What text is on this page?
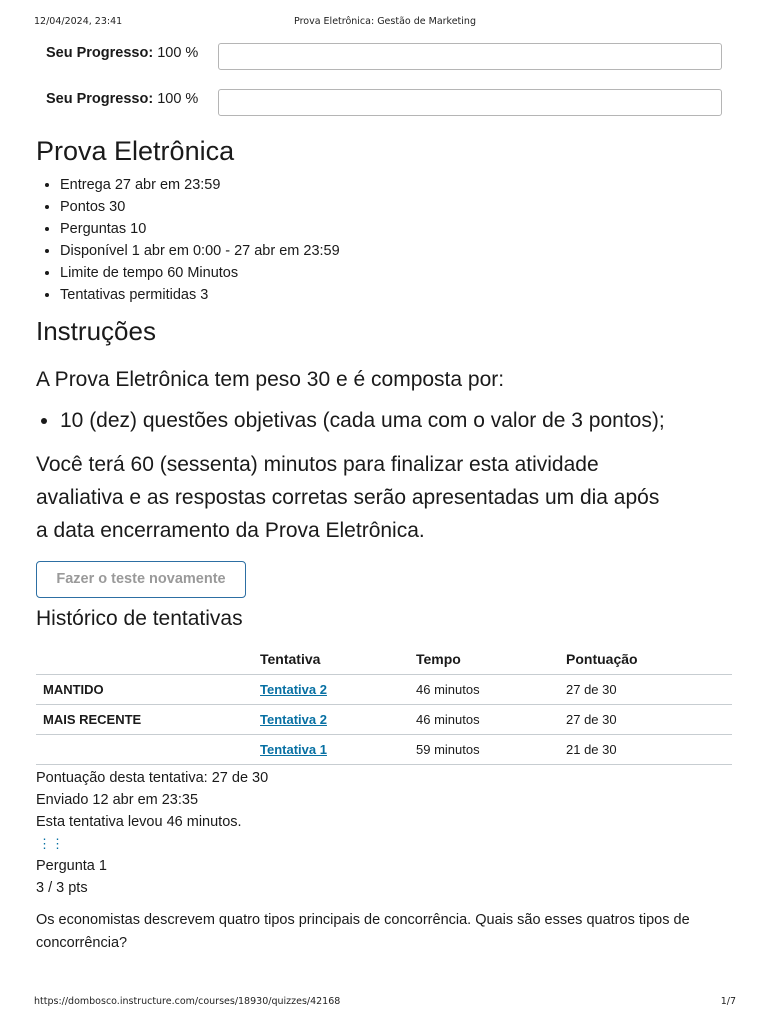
12/04/2024, 23:41	Prova Eletrônica: Gestão de Marketing
Seu Progresso: 100 %
Seu Progresso: 100 %
Prova Eletrônica
• Entrega 27 abr em 23:59
• Pontos 30
• Perguntas 10
• Disponível 1 abr em 0:00 - 27 abr em 23:59
• Limite de tempo 60 Minutos
• Tentativas permitidas 3
Instruções
A Prova Eletrônica tem peso 30 e é composta por:
• 10 (dez) questões objetivas (cada uma com o valor de 3 pontos);
Você terá 60 (sessenta) minutos para finalizar esta atividade
avaliativa e as respostas corretas serão apresentadas um dia após
a data encerramento da Prova Eletrônica.
Fazer o teste novamente
Histórico de tentativas
	Tentativa	Tempo	Pontuação
MANTIDO	Tentativa 2	46 minutos	27 de 30
MAIS RECENTE	Tentativa 2	46 minutos	27 de 30
	Tentativa 1	59 minutos	21 de 30
Pontuação desta tentativa: 27 de 30
Enviado 12 abr em 23:35
Esta tentativa levou 46 minutos.
⋮⋮
Pergunta 1
3 / 3 pts
Os economistas descrevem quatro tipos principais de concorrência. Quais são esses quatros tipos de concorrência?
https://dombosco.instructure.com/courses/18930/quizzes/42168	1/7
